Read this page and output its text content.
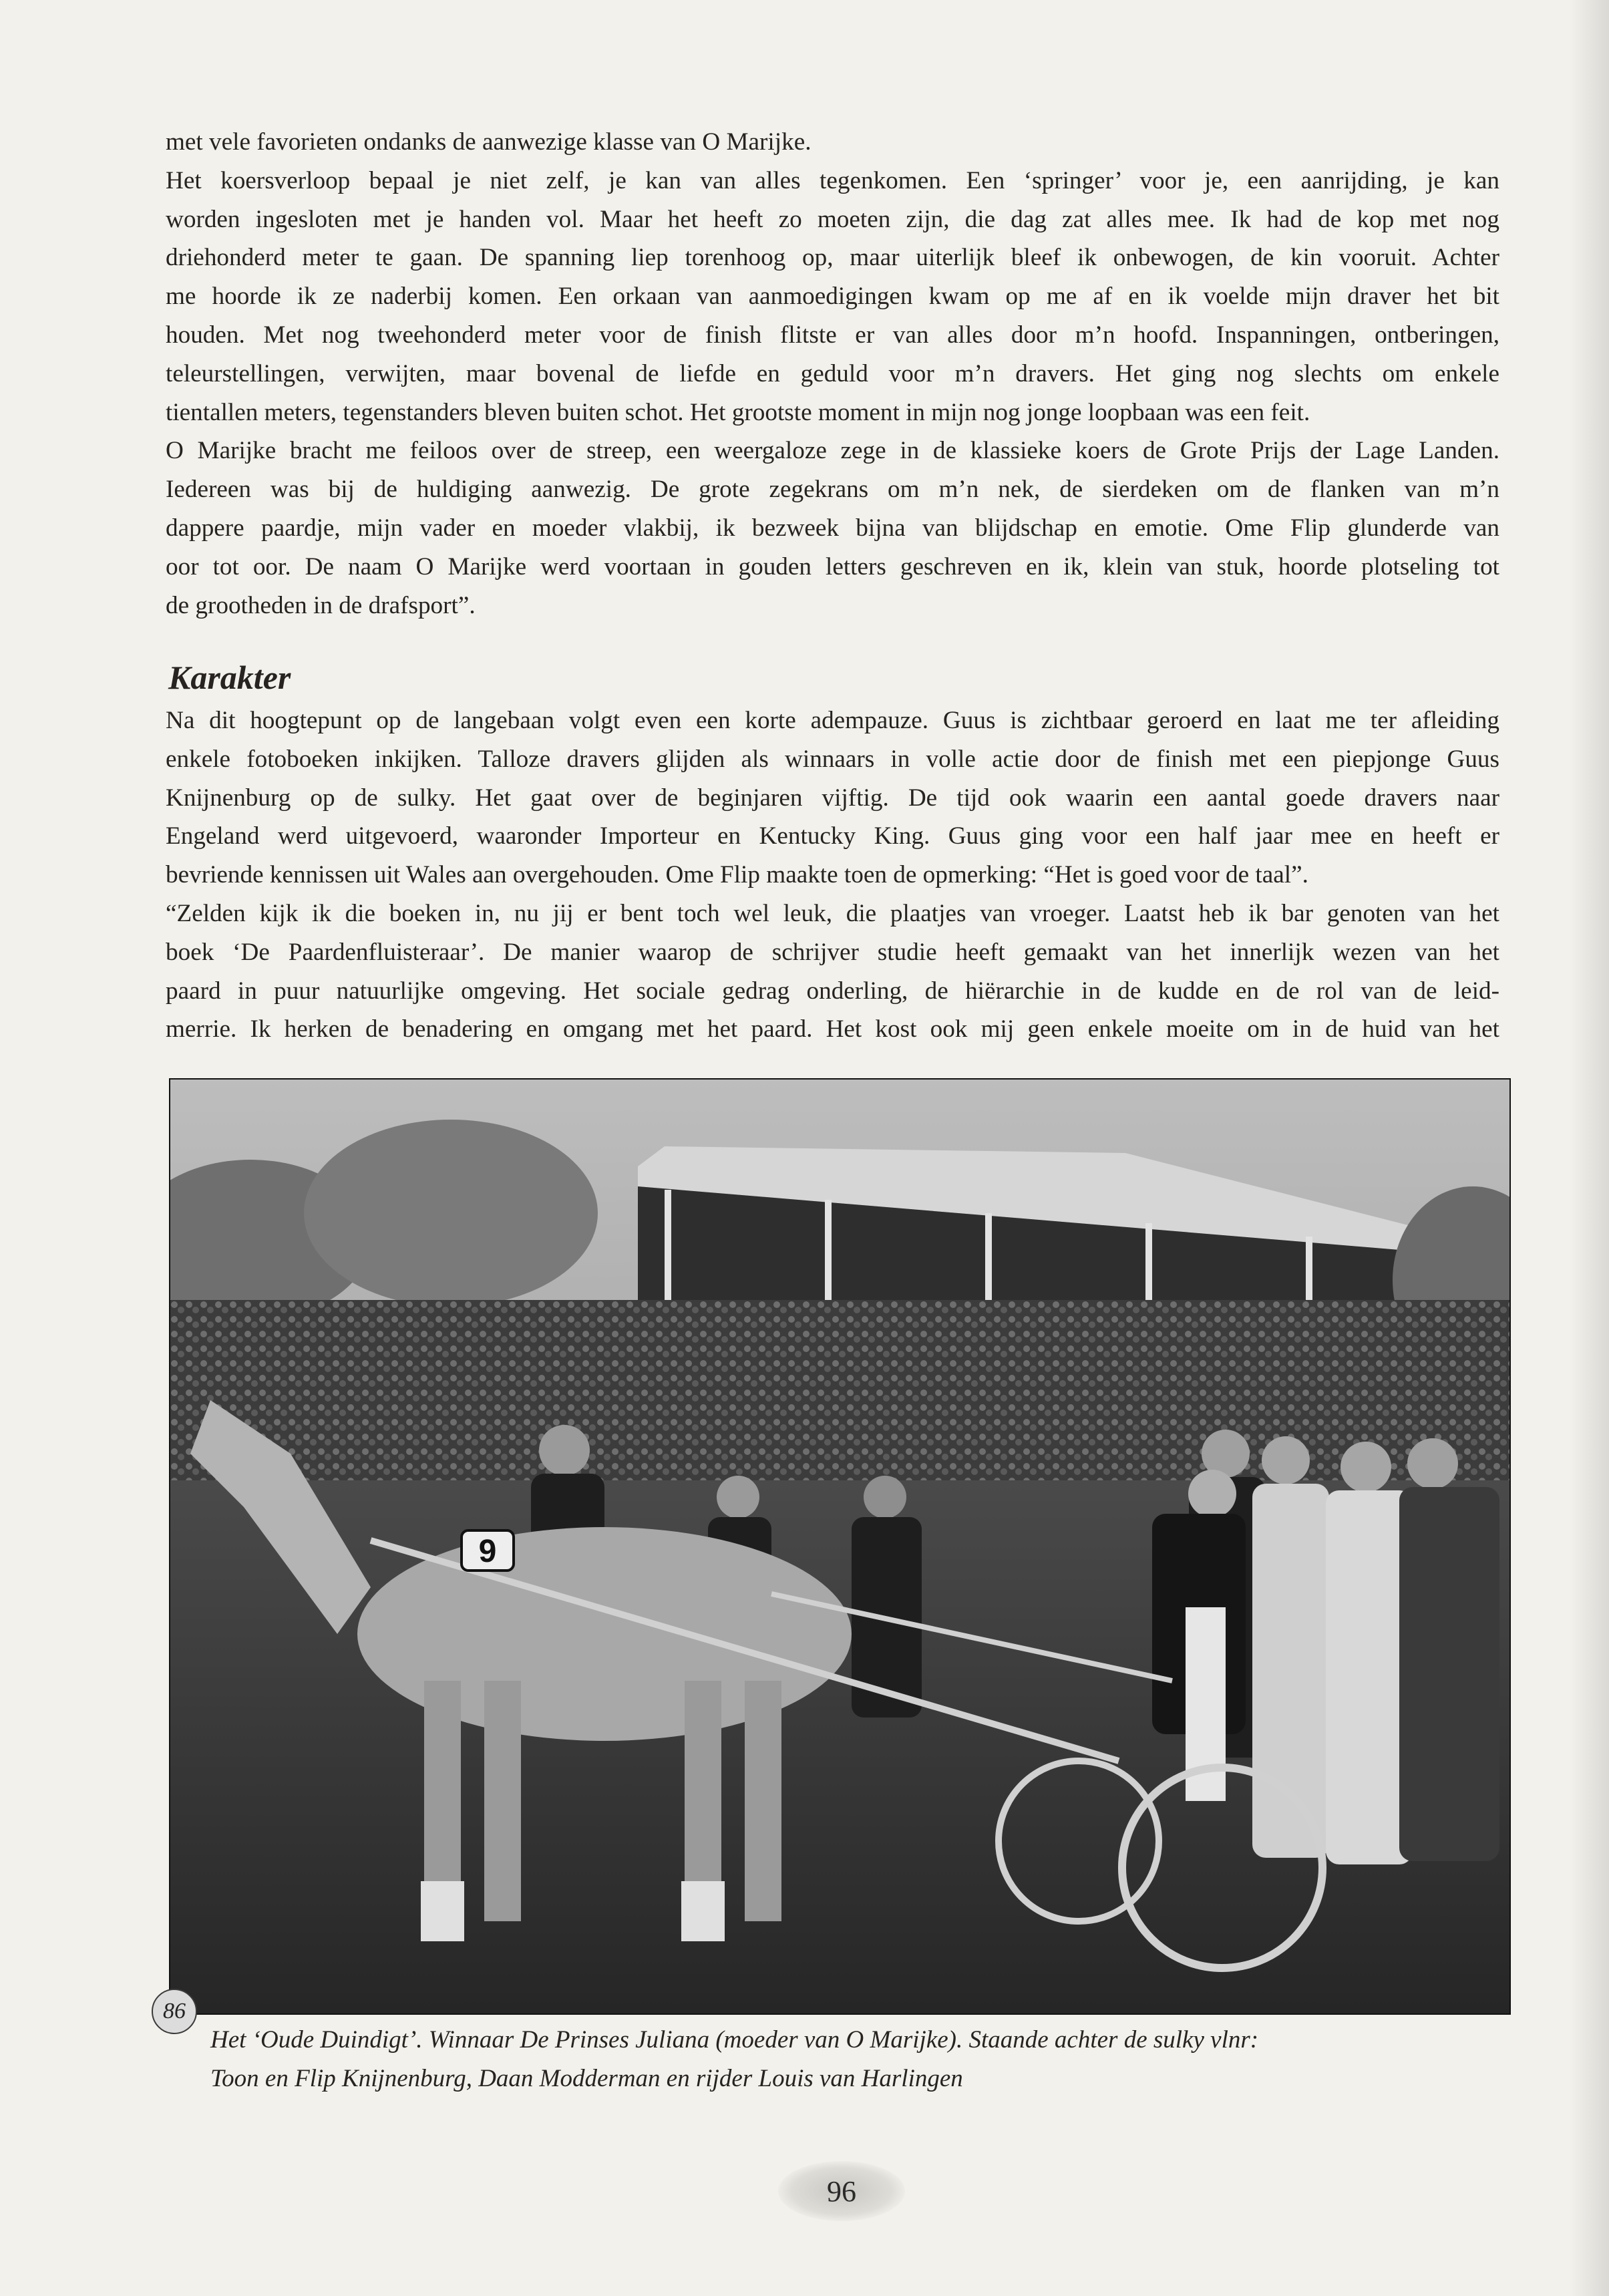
met vele favorieten ondanks de aanwezige klasse van O Marijke.
Het koersverloop bepaal je niet zelf, je kan van alles tegenkomen. Een ‘springer’ voor je, een aanrijding, je kan
worden ingesloten met je handen vol. Maar het heeft zo moeten zijn, die dag zat alles mee. Ik had de kop met nog
driehonderd meter te gaan. De spanning liep torenhoog op, maar uiterlijk bleef ik onbewogen, de kin vooruit. Achter
me hoorde ik ze naderbij komen. Een orkaan van aanmoedigingen kwam op me af en ik voelde mijn draver het bit
houden. Met nog tweehonderd meter voor de finish flitste er van alles door m’n hoofd. Inspanningen, ontberingen,
teleurstellingen, verwijten, maar bovenal de liefde en geduld voor m’n dravers. Het ging nog slechts om enkele
tientallen meters, tegenstanders bleven buiten schot. Het grootste moment in mijn nog jonge loopbaan was een feit.
O Marijke bracht me feiloos over de streep, een weergaloze zege in de klassieke koers de Grote Prijs der Lage Landen.
Iedereen was bij de huldiging aanwezig. De grote zegekrans om m’n nek, de sierdeken om de flanken van m’n
dappere paardje, mijn vader en moeder vlakbij, ik bezweek bijna van blijdschap en emotie. Ome Flip glunderde van
oor tot oor. De naam O Marijke werd voortaan in gouden letters geschreven en ik, klein van stuk, hoorde plotseling tot
de grootheden in de drafsport”.
Karakter
Na dit hoogtepunt op de langebaan volgt even een korte adempauze. Guus is zichtbaar geroerd en laat me ter afleiding
enkele fotoboeken inkijken. Talloze dravers glijden als winnaars in volle actie door de finish met een piepjonge Guus
Knijnenburg op de sulky. Het gaat over de beginjaren vijftig. De tijd ook waarin een aantal goede dravers naar
Engeland werd uitgevoerd, waaronder Importeur en Kentucky King. Guus ging voor een half jaar mee en heeft er
bevriende kennissen uit Wales aan overgehouden. Ome Flip maakte toen de opmerking: “Het is goed voor de taal”.
“Zelden kijk ik die boeken in, nu jij er bent toch wel leuk, die plaatjes van vroeger. Laatst heb ik bar genoten van het
boek ‘De Paardenfluisteraar’. De manier waarop de schrijver studie heeft gemaakt van het innerlijk wezen van het
paard in puur natuurlijke omgeving. Het sociale gedrag onderling, de hiërarchie in de kudde en de rol van de leid-
merrie. Ik herken de benadering en omgang met het paard. Het kost ook mij geen enkele moeite om in de huid van het
9
86
Het ‘Oude Duindigt’. Winnaar De Prinses Juliana (moeder van O Marijke). Staande achter de sulky vlnr:
Toon en Flip Knijnenburg, Daan Modderman en rijder Louis van Harlingen
96
